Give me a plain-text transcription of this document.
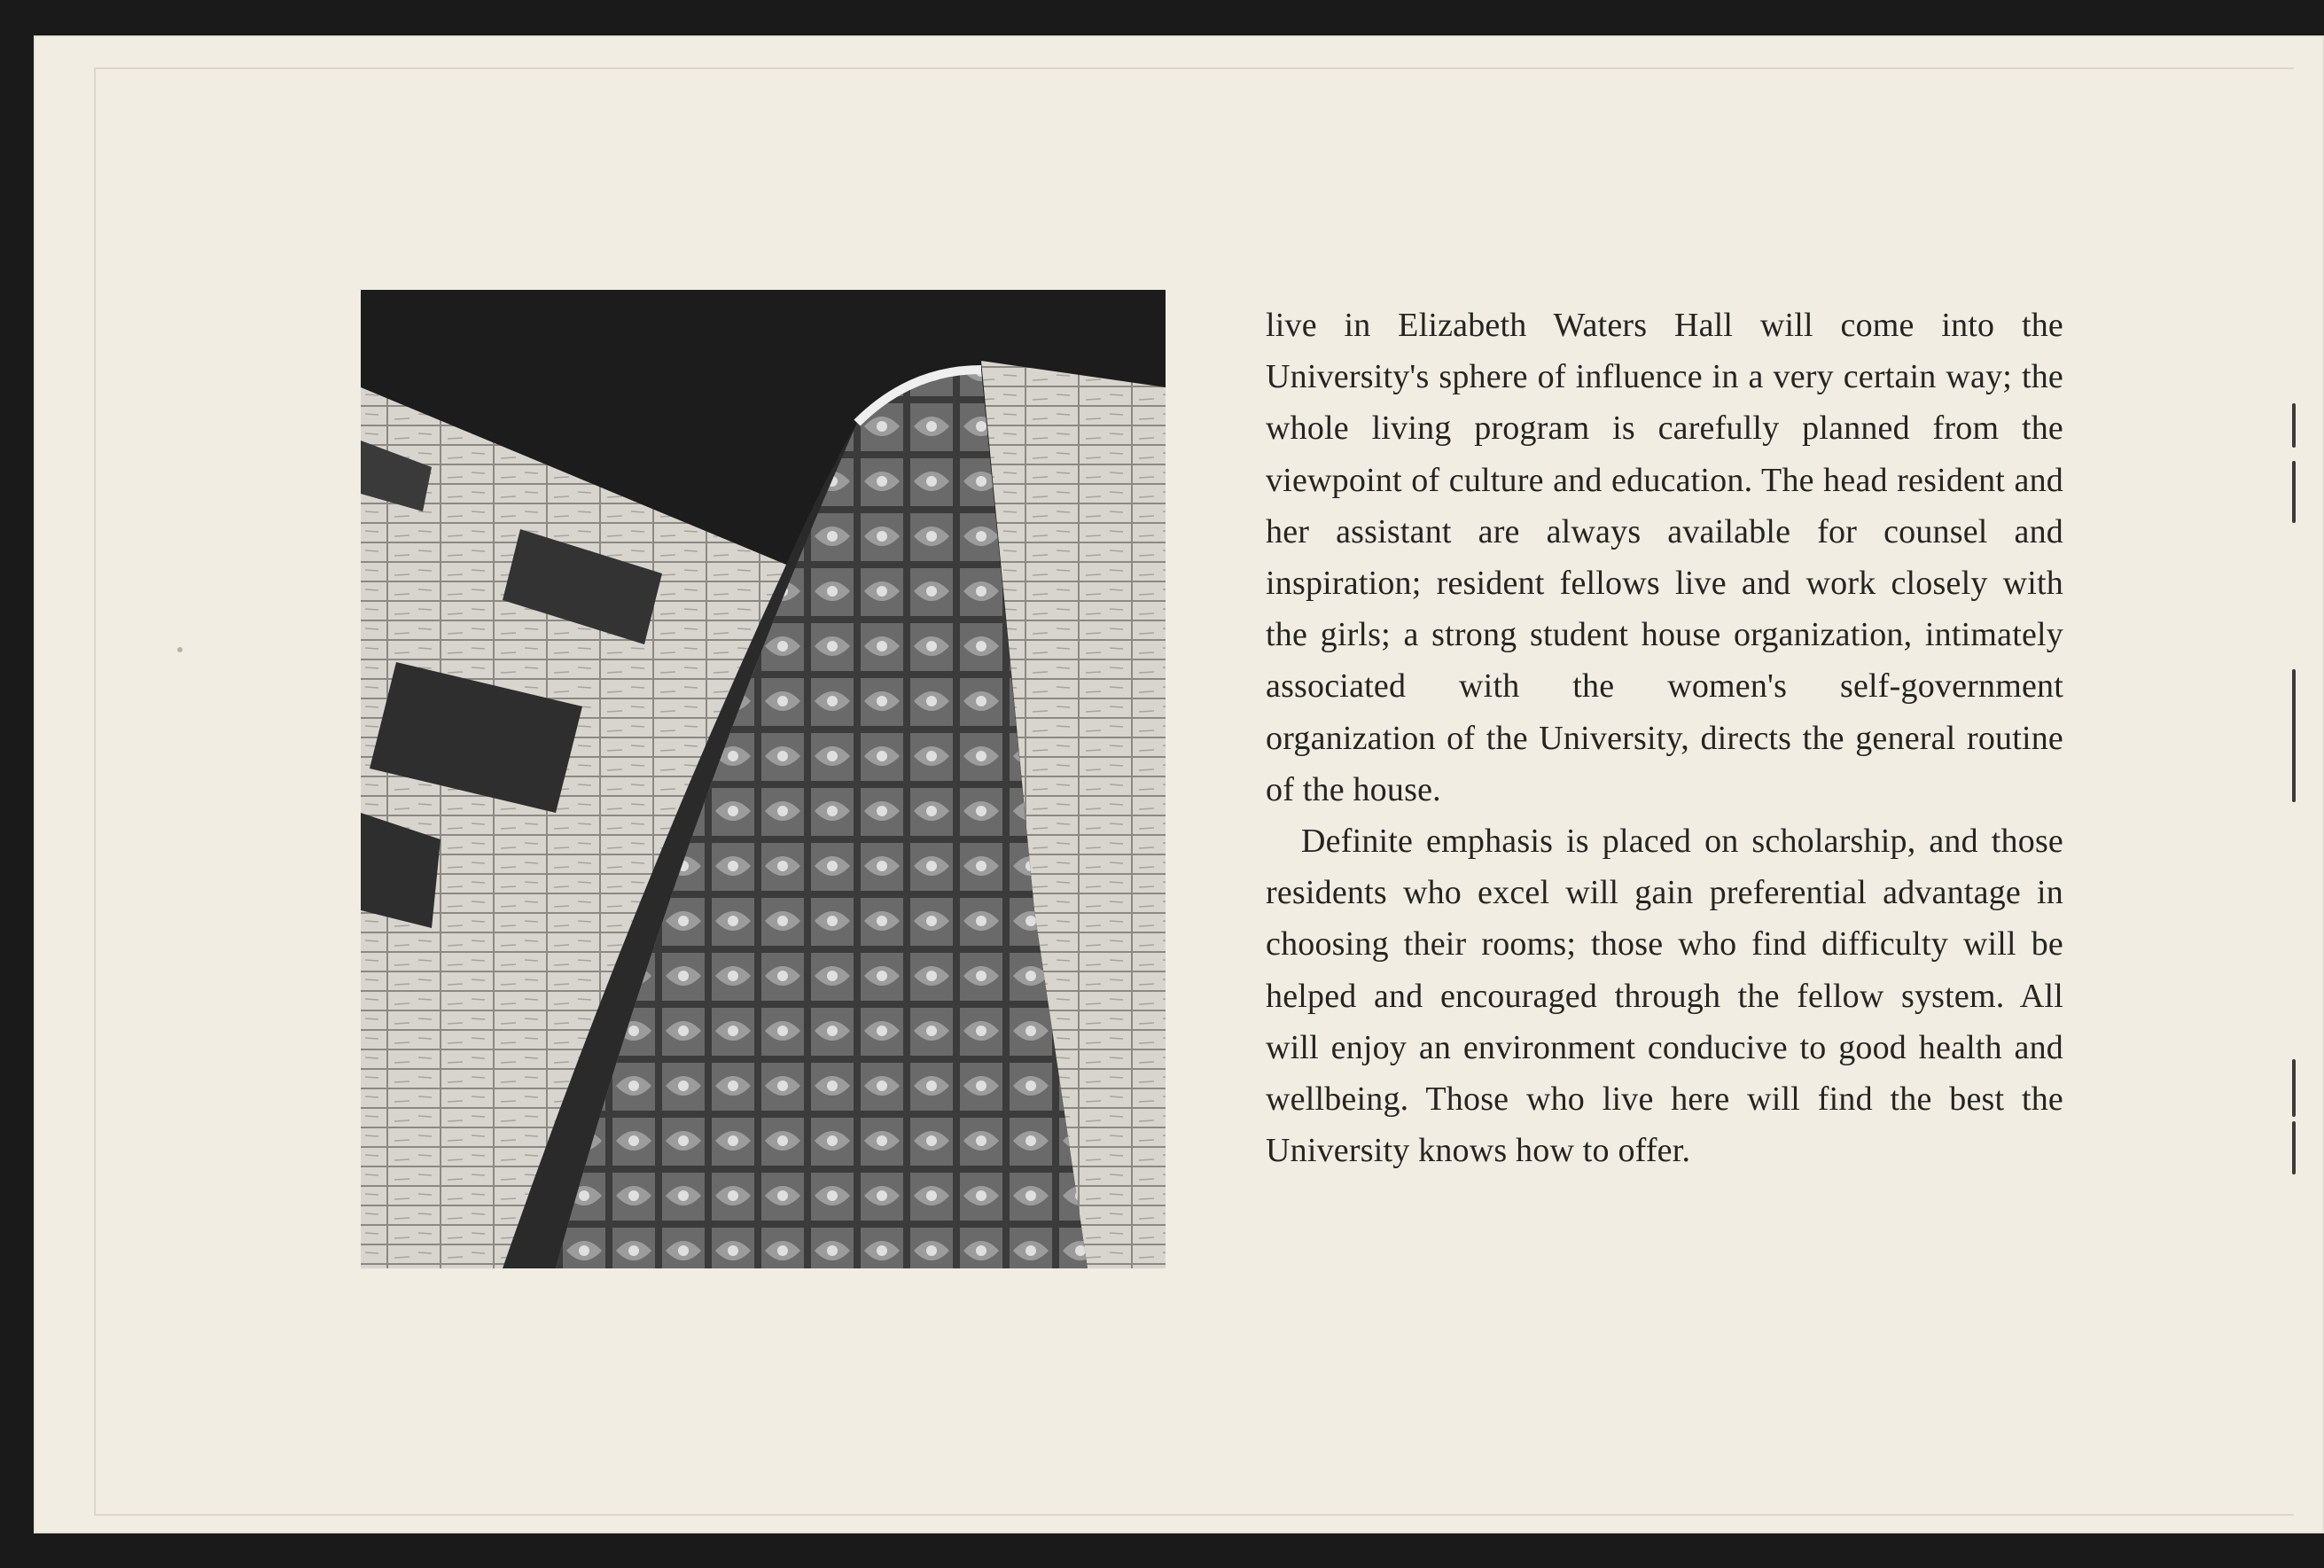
live in Elizabeth Waters Hall will come into the University's sphere of influence in a very certain way; the whole living program is carefully planned from the viewpoint of culture and education. The head resident and her assistant are always available for counsel and inspiration; resident fellows live and work closely with the girls; a strong student house organization, intimately associated with the women's self-government organization of the University, directs the general routine of the house.

Definite emphasis is placed on scholarship, and those residents who excel will gain preferential advantage in choosing their rooms; those who find difficulty will be helped and encouraged through the fellow system. All will enjoy an environment conducive to good health and wellbeing. Those who live here will find the best the University knows how to offer.
